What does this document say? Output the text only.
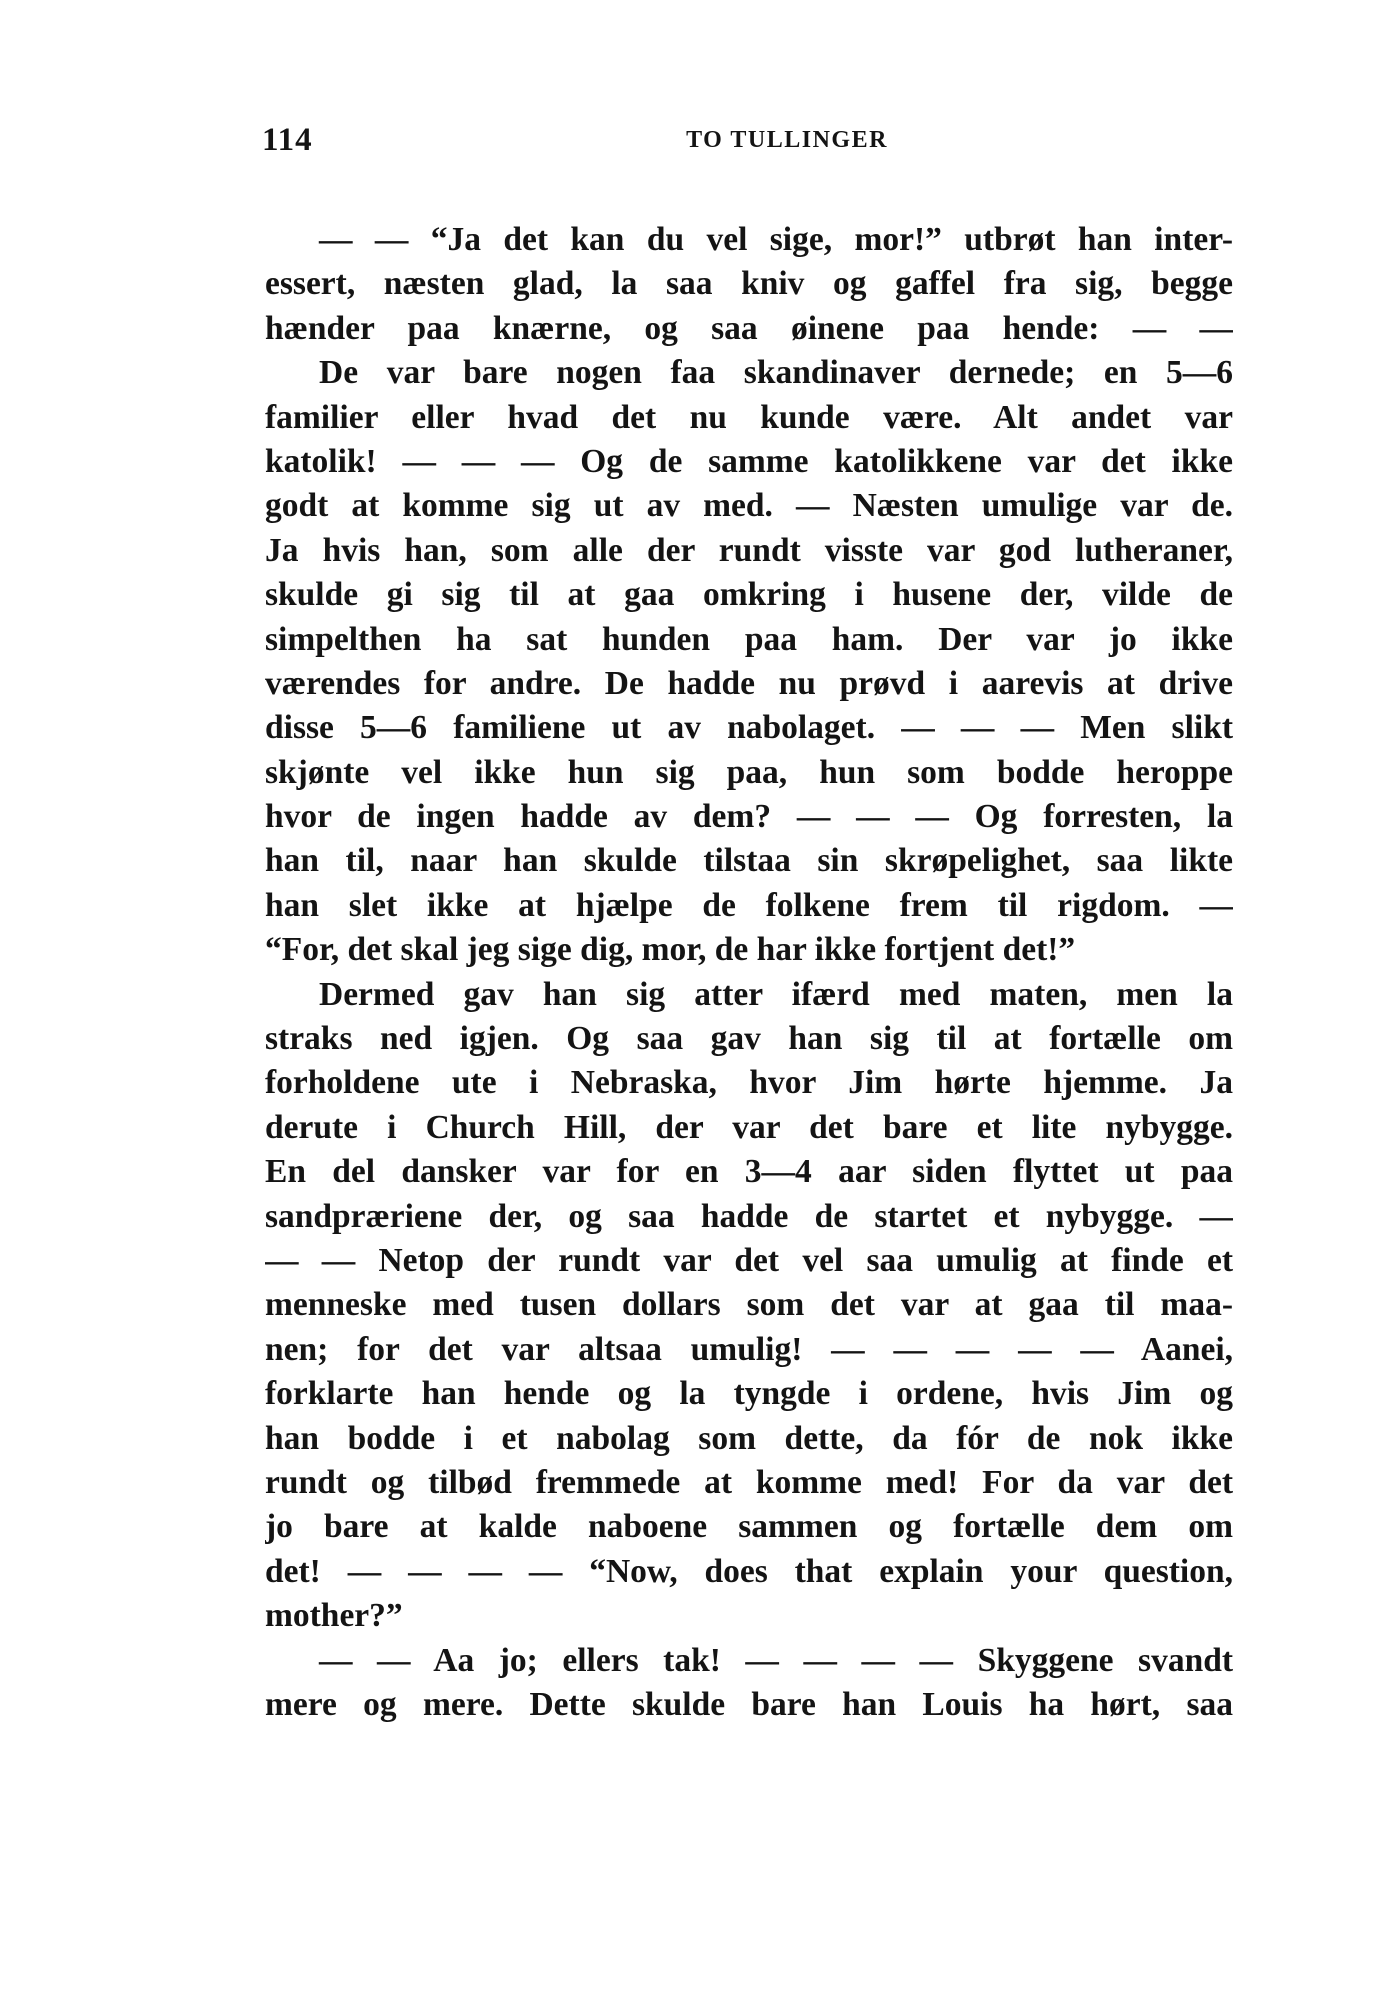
114	TO TULLINGER
— — “Ja det kan du vel sige, mor!” utbrøt han inter-
essert, næsten glad, la saa kniv og gaffel fra sig, begge
hænder paa knærne, og saa øinene paa hende: — —
De var bare nogen faa skandinaver dernede; en 5—6
familier eller hvad det nu kunde være. Alt andet var
katolik! — — — Og de samme katolikkene var det ikke
godt at komme sig ut av med. — Næsten umulige var de.
Ja hvis han, som alle der rundt visste var god lutheraner,
skulde gi sig til at gaa omkring i husene der, vilde de
simpelthen ha sat hunden paa ham. Der var jo ikke
værendes for andre. De hadde nu prøvd i aarevis at drive
disse 5—6 familiene ut av nabolaget. — — — Men slikt
skjønte vel ikke hun sig paa, hun som bodde heroppe
hvor de ingen hadde av dem? — — — Og forresten, la
han til, naar han skulde tilstaa sin skrøpelighet, saa likte
han slet ikke at hjælpe de folkene frem til rigdom. —
“For, det skal jeg sige dig, mor, de har ikke fortjent det!”
Dermed gav han sig atter ifærd med maten, men la
straks ned igjen. Og saa gav han sig til at fortælle om
forholdene ute i Nebraska, hvor Jim hørte hjemme. Ja
derute i Church Hill, der var det bare et lite nybygge.
En del dansker var for en 3—4 aar siden flyttet ut paa
sandpræriene der, og saa hadde de startet et nybygge. —
— — Netop der rundt var det vel saa umulig at finde et
menneske med tusen dollars som det var at gaa til maa-
nen; for det var altsaa umulig! — — — — — Aanei,
forklarte han hende og la tyngde i ordene, hvis Jim og
han bodde i et nabolag som dette, da fór de nok ikke
rundt og tilbød fremmede at komme med! For da var det
jo bare at kalde naboene sammen og fortælle dem om
det! — — — — “Now, does that explain your question,
mother?”
— — Aa jo; ellers tak! — — — — Skyggene svandt
mere og mere. Dette skulde bare han Louis ha hørt, saa
